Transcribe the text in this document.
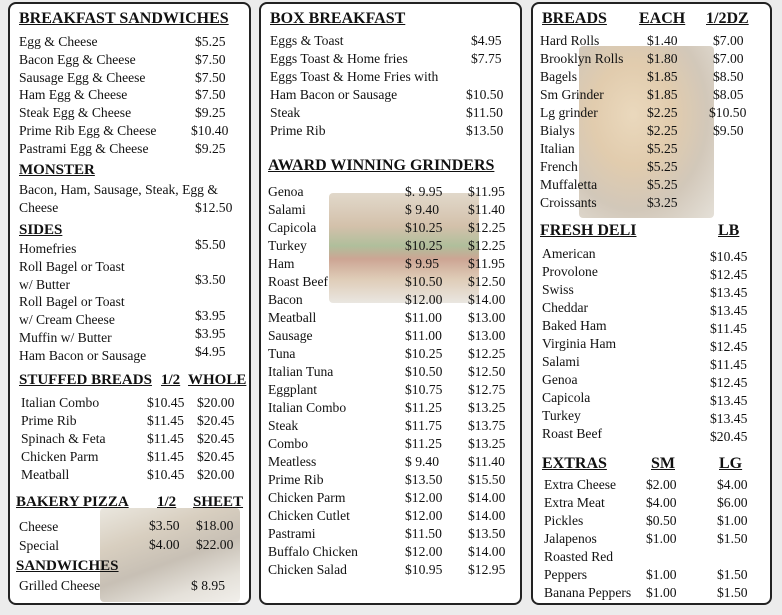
BREAKFAST SANDWICHES
Egg & Cheese	$5.25
Bacon Egg & Cheese	$7.50
Sausage Egg & Cheese	$7.50
Ham Egg & Cheese	$7.50
Steak Egg & Cheese	$9.25
Prime Rib Egg & Cheese	$10.40
Pastrami Egg & Cheese	$9.25
MONSTER
Bacon, Ham, Sausage, Steak, Egg &
Cheese	$12.50
SIDES
Homefries	$5.50
Roll Bagel or Toast
w/ Butter	$3.50
Roll Bagel or Toast
w/ Cream Cheese	$3.95
Muffin w/ Butter	$3.95
Ham Bacon or Sausage	$4.95
STUFFED BREADS 1/2 WHOLE
Italian Combo	$10.45 $20.00
Prime Rib	$11.45 $20.45
Spinach & Feta	$11.45 $20.45
Chicken Parm	$11.45 $20.45
Meatball	$10.45 $20.00
BAKERY PIZZA 1/2 SHEET
Cheese	$3.50 $18.00
Special	$4.00 $22.00
SANDWICHES
Grilled Cheese	$ 8.95
BOX BREAKFAST
Eggs & Toast	$4.95
Eggs Toast & Home fries	$7.75
Eggs Toast & Home Fries with
Ham Bacon or Sausage	$10.50
Steak	$11.50
Prime Rib	$13.50
AWARD WINNING GRINDERS
Genoa	$. 9.95 $11.95
Salami	$ 9.40 $11.40
Capicola	$10.25 $12.25
Turkey	$10.25 $12.25
Ham	$ 9.95 $11.95
Roast Beef	$10.50 $12.50
Bacon	$12.00 $14.00
Meatball	$11.00 $13.00
Sausage	$11.00 $13.00
Tuna	$10.25 $12.25
Italian Tuna	$10.50 $12.50
Eggplant	$10.75 $12.75
Italian Combo	$11.25 $13.25
Steak	$11.75 $13.75
Combo	$11.25 $13.25
Meatless	$ 9.40 $11.40
Prime Rib	$13.50 $15.50
Chicken Parm	$12.00 $14.00
Chicken Cutlet	$12.00 $14.00
Pastrami	$11.50 $13.50
Buffalo Chicken	$12.00 $14.00
Chicken Salad	$10.95 $12.95
BREADS EACH 1/2DZ
Hard Rolls	$1.40	$7.00
Brooklyn Rolls $1.80	$7.00
Bagels	$1.85	$8.50
Sm Grinder	$1.85	$8.05
Lg grinder	$2.25 $10.50
Bialys	$2.25	$9.50
Italian	$5.25
French	$5.25
Muffaletta	$5.25
Croissants	$3.25
FRESH DELI	LB
American	$10.45
Provolone	$12.45
Swiss	$13.45
Cheddar	$13.45
Baked Ham	$11.45
Virginia Ham	$12.45
Salami	$11.45
Genoa	$12.45
Capicola	$13.45
Turkey	$13.45
Roast Beef	$20.45
EXTRAS	SM	LG
Extra Cheese $2.00	$4.00
Extra Meat	$4.00	$6.00
Pickles	$0.50	$1.00
Jalapenos	$1.00	$1.50
Roasted Red
Peppers	$1.00	$1.50
Banana Peppers $1.00	$1.50
